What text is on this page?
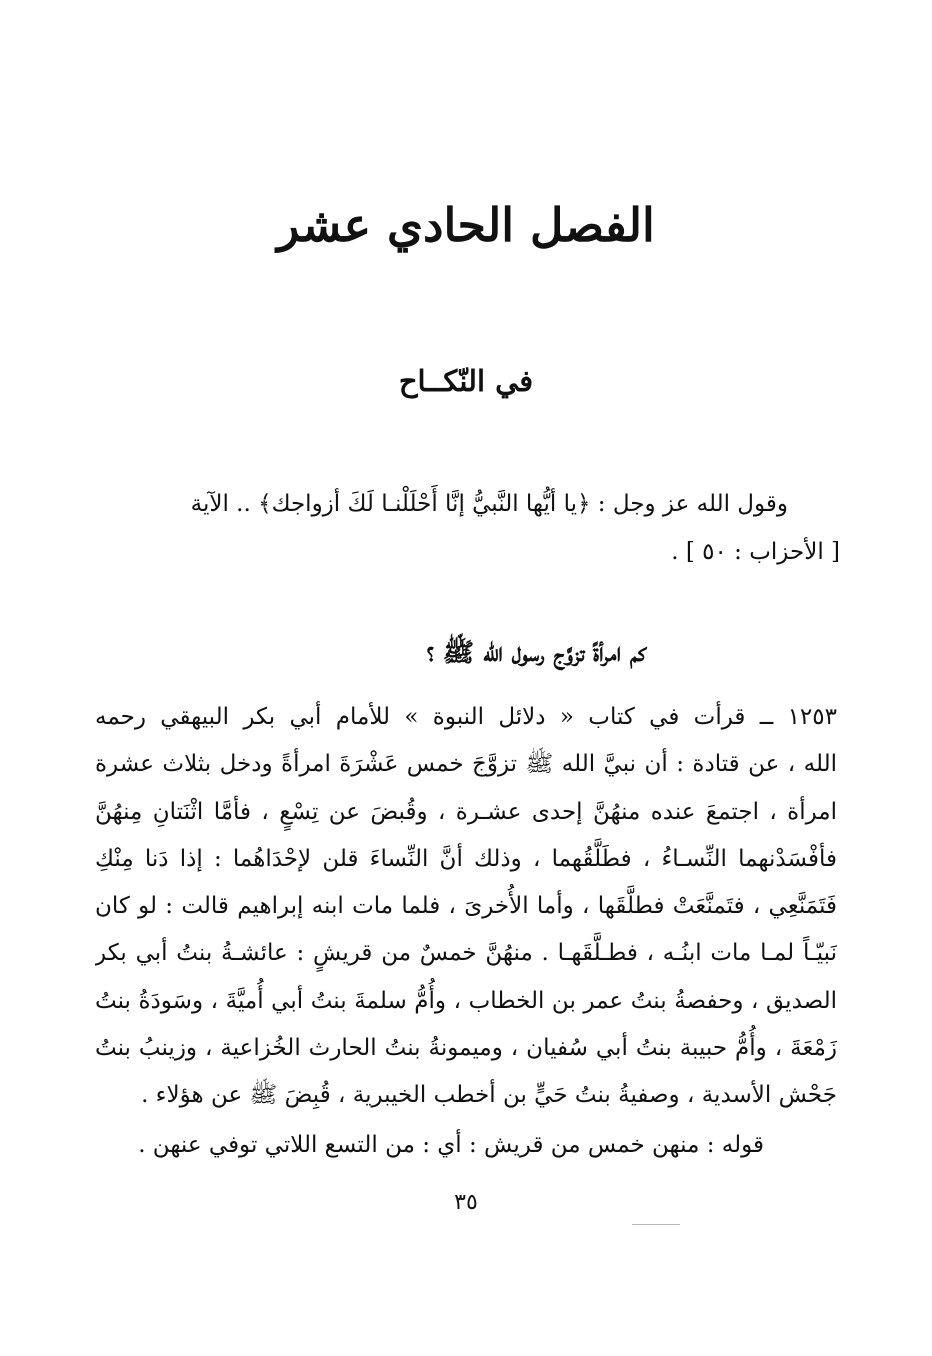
الفصل الحادي عشر
في النّكــاح
وقول الله عز وجل : ﴿يا أيُّها النَّبيُّ إنَّا أَحْلَلْنـا لَكَ أزواجك﴾ .. الآية
[ الأحزاب : ٥٠ ] .
كم امرأةً تزوَّج رسول الله ﷺ ؟
١٢٥٣ ــ قرأت في كتاب « دلائل النبوة » للأمام أبي بكر البيهقي رحمه
الله ، عن قتادة : أن نبيَّ الله ﷺ تزوَّجَ خمس عَشْرَةَ امرأةً ودخل بثلاث عشرة
امرأة ، اجتمعَ عنده منهُنَّ إحدى عشـرة ، وقُبضَ عن تِسْعٍ ، فأمَّا اثْنَتانِ مِنهُنَّ
فأفْسَدْنهما النِّسـاءُ ، فطَلَّقُهما ، وذلك أنَّ النِّساءَ قلن لإحْدَاهُما : إذا دَنا مِنْكِ
فَتَمَنَّعِي ، فتَمنَّعَتْ فطلَّقَها ، وأما الأُخرىَ ، فلما مات ابنه إبراهيم قالت : لو كان
نَبيّـاً لمـا مات ابنُـه ، فطـلَّقَهـا . منهُنَّ خمسٌ من قريشٍ : عائشـةُ بنتُ أبي بكر
الصديق ، وحفصةُ بنتُ عمر بن الخطاب ، وأُمُّ سلمةَ بنتُ أبي أُميَّةَ ، وسَودَةُ بنتُ
زَمْعَةَ ، وأُمُّ حبيبة بنتُ أبي سُفيان ، وميمونةُ بنتُ الحارث الخُزاعية ، وزينبُ بنتُ
جَحْش الأسدية ، وصفيةُ بنتُ حَيٍّ بن أخطب الخيبرية ، قُبِضَ ﷺ عن هؤلاء .
قوله : منهن خمس من قريش : أي : من التسع اللاتي توفي عنهن .
٣٥
